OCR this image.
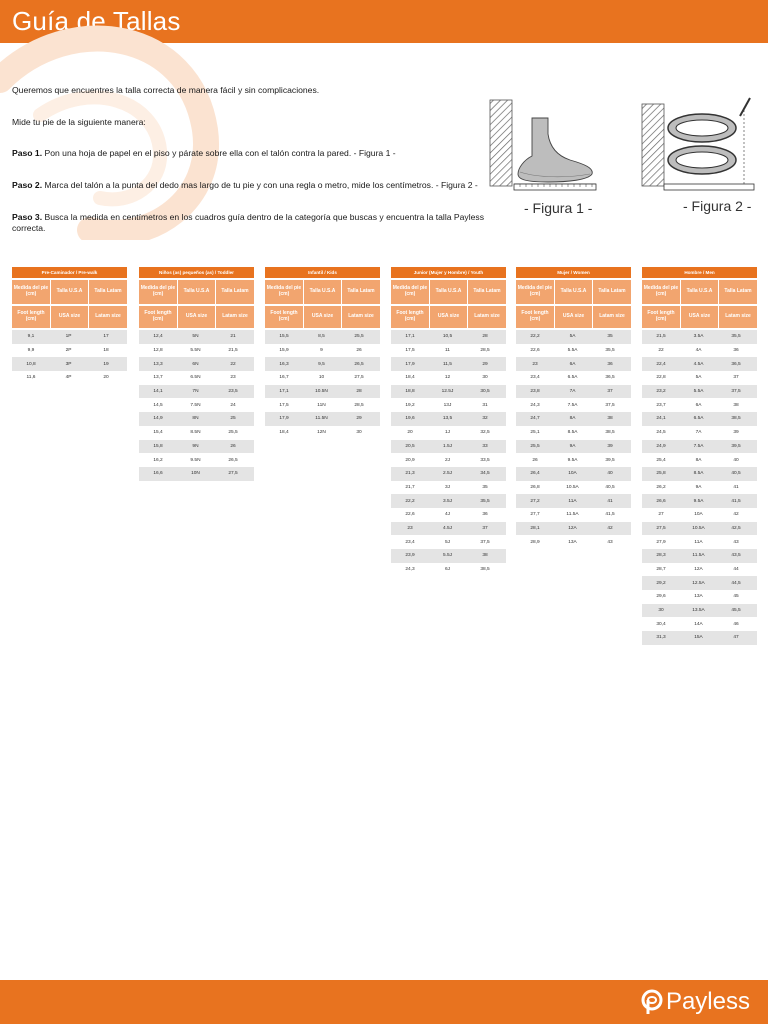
Guía de Tallas

Queremos que encuentres la talla correcta de manera fácil y sin complicaciones.

Mide tu pie de la siguiente manera:

Paso 1. Pon una hoja de papel en el piso y párate sobre ella con el talón contra la pared. - Figura 1 -

Paso 2. Marca del talón a la punta del dedo mas largo de tu pie y con una regla o metro, mide los centímetros. - Figura 2 -

Paso 3. Busca la medida en centímetros en los cuadros guía dentro de la categoría que buscas y encuentra la talla Payless correcta.

- Figura 1 -	- Figura 2 -
Pre-Caminador / Pre-walk
Medida del pie (cm)	Talla U.S.A	Talla Latam
Foot length (cm)	USA size	Latam size
9,1	1P	17
9,9	2P	18
10,8	3P	19
11,6	4P	20
Niños (as) pequeños (as) / Toddler
Medida del pie (cm)	Talla U.S.A	Talla Latam
Foot length (cm)	USA size	Latam size
12,4	5N	21
12,8	5.5N	21,5
13,3	6N	22
13,7	6.5N	23
14,1	7N	23,5
14,5	7.5N	24
14,9	8N	25
15,4	8.5N	25,5
15,8	9N	26
16,2	9.5N	26,5
16,6	10N	27,5
Infantil / Kids
Medida del pie (cm)	Talla U.S.A	Talla Latam
Foot length (cm)	USA size	Latam size
15,5	8,5	25,5
15,9	9	26
16,3	9,5	26,5
16,7	10	27,5
17,1	10.5N	28
17,5	11N	28,5
17,9	11.5N	29
18,4	12N	30
Junior (Mujer y Hombre) / Youth
Medida del pie (cm)	Talla U.S.A	Talla Latam
Foot length (cm)	USA size	Latam size
17,1	10,5	28
17,5	11	28,5
17,9	11,5	29
18,4	12	30
18,8	12.5J	30,5
19,2	13J	31
19,6	13,5	32
20	1J	32,5
20,5	1.5J	33
20,9	2J	33,5
21,3	2.5J	34,5
21,7	3J	35
22,2	3.5J	35,5
22,6	4J	36
23	4.5J	37
23,4	5J	37,5
23,9	5.5J	38
24,3	6J	38,5
Mujer / Women
Medida del pie (cm)	Talla U.S.A	Talla Latam
Foot length (cm)	USA size	Latam size
22,2	5A	35
22,6	5.5A	35,5
23	6A	36
23,4	6.5A	36,5
23,8	7A	37
24,3	7.5A	37,5
24,7	8A	38
25,1	8.5A	38,5
25,5	9A	39
26	9.5A	39,5
26,4	10A	40
26,8	10.5A	40,5
27,2	11A	41
27,7	11.5A	41,5
28,1	12A	42
28,9	13A	43
Hombre / Men
Medida del pie (cm)	Talla U.S.A	Talla Latam
Foot length (cm)	USA size	Latam size
21,5	3.5A	35,5
22	4A	36
22,4	4.5A	36,5
22,8	5A	37
23,2	5.5A	37,5
23,7	6A	38
24,1	6.5A	38,5
24,5	7A	39
24,9	7.5A	39,5
25,4	8A	40
25,8	8.5A	40,5
26,2	9A	41
26,6	9.5A	41,5
27	10A	42
27,5	10.5A	42,5
27,9	11A	43
28,3	11.5A	43,5
28,7	12A	44
29,2	12.5A	44,5
29,6	13A	45
30	13.5A	45,5
30,4	14A	46
31,3	15A	47
Payless
